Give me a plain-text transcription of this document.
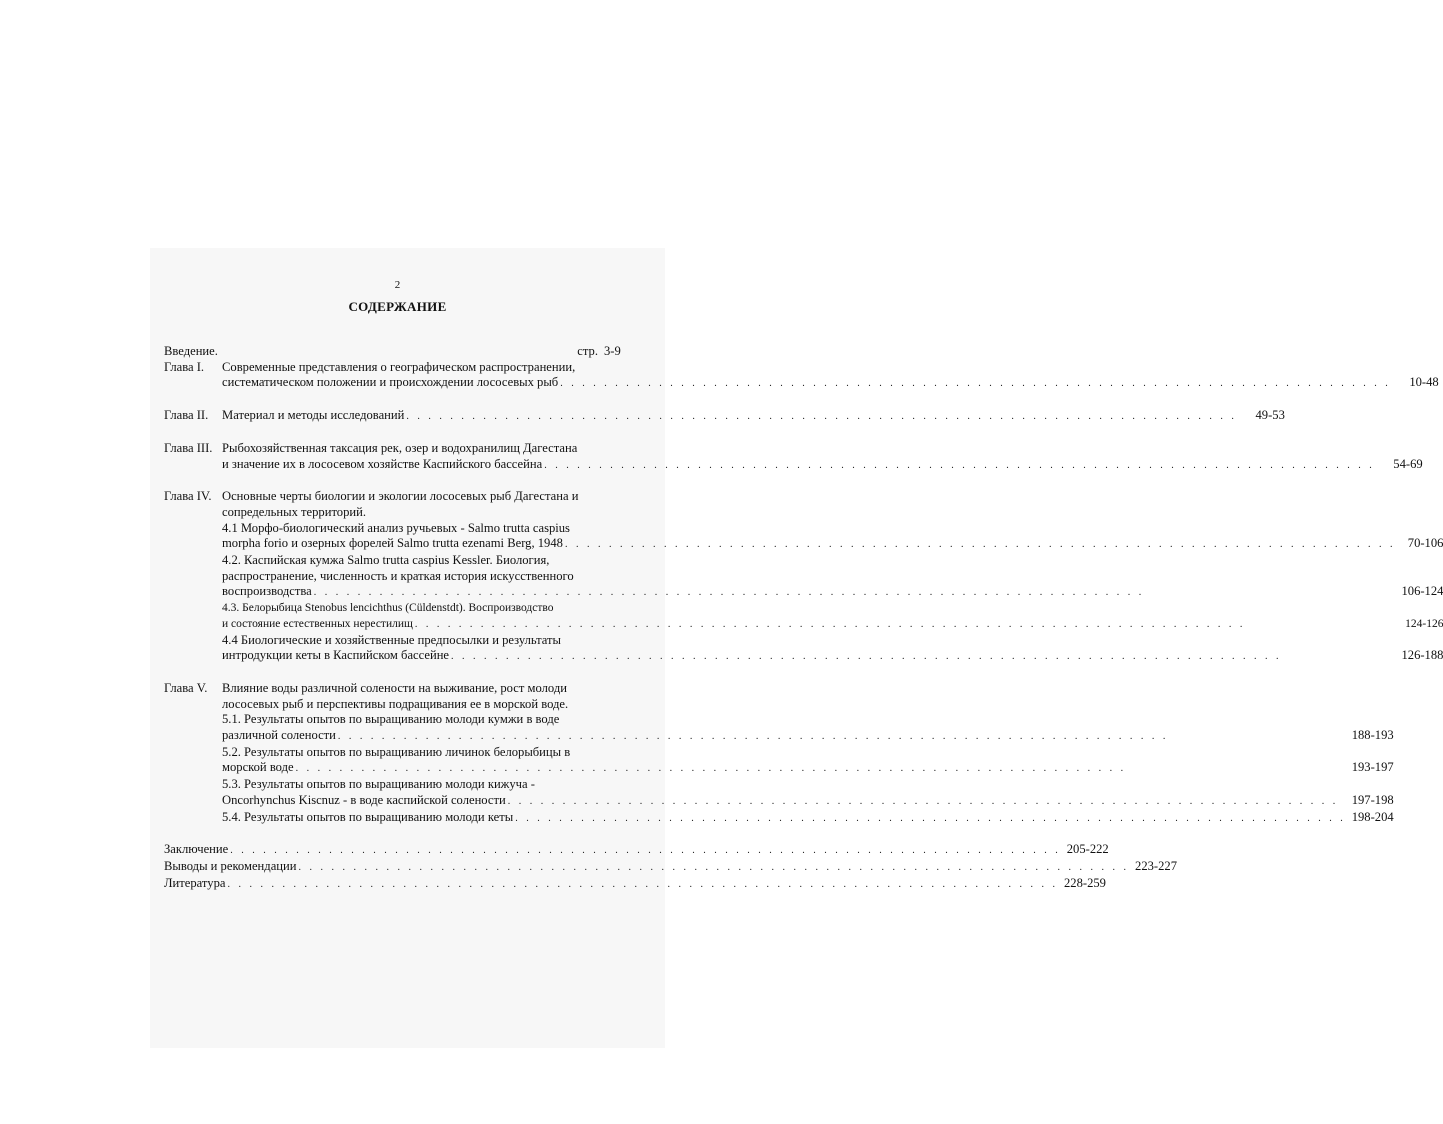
2
СОДЕРЖАНИЕ
Введение.	стр. 3-9
Глава I.	Современные представления о географическом распространении,
систематическом положении и происхождении лососевых рыб . . .	10-48
Глава II.	Материал и методы исследований . . .	49-53
Глава III. Рыбохозяйственная таксация рек, озер и водохранилищ Дагестана
и значение их в лососевом хозяйстве Каспийского бассейна . . .	54-69
Глава IV. Основные черты биологии и экологии лососевых рыб Дагестана и
сопредельных территорий.
4.1 Морфо-биологический анализ ручьевых - Salmo trutta caspius
morpha forio и озерных форелей Salmo trutta ezenami Berg, 1948 . . .	70-106
4.2. Каспийская кумжа Salmo trutta caspius Kessler. Биология,
распространение, численность и краткая история искусственного
воспроизводства . . .	106-124
4.3. Белорыбица Stenobus lencichthus (Cüldenstdt). Воспроизводство
и состояние естественных нерестилищ . . .	124-126
4.4 Биологические и хозяйственные предпосылки и результаты
интродукции кеты в Каспийском бассейне . . .	126-188
Глава V.	Влияние воды различной солености на выживание, рост молоди
лососевых рыб и перспективы подращивания ее в морской воде.
5.1. Результаты опытов по выращиванию молоди кумжи в воде
различной солености . . .	188-193
5.2. Результаты опытов по выращиванию личинок белорыбицы в
морской воде . . .	193-197
5.3. Результаты опытов по выращиванию молоди кижуча -
Oncorhynchus Kiscnuz - в воде каспийской солености . . .	197-198
5.4. Результаты опытов по выращиванию молоди кеты . . .	198-204
Заключение . . .	205-222
Выводы и рекомендации . . .	223-227
Литература . . .	228-259
